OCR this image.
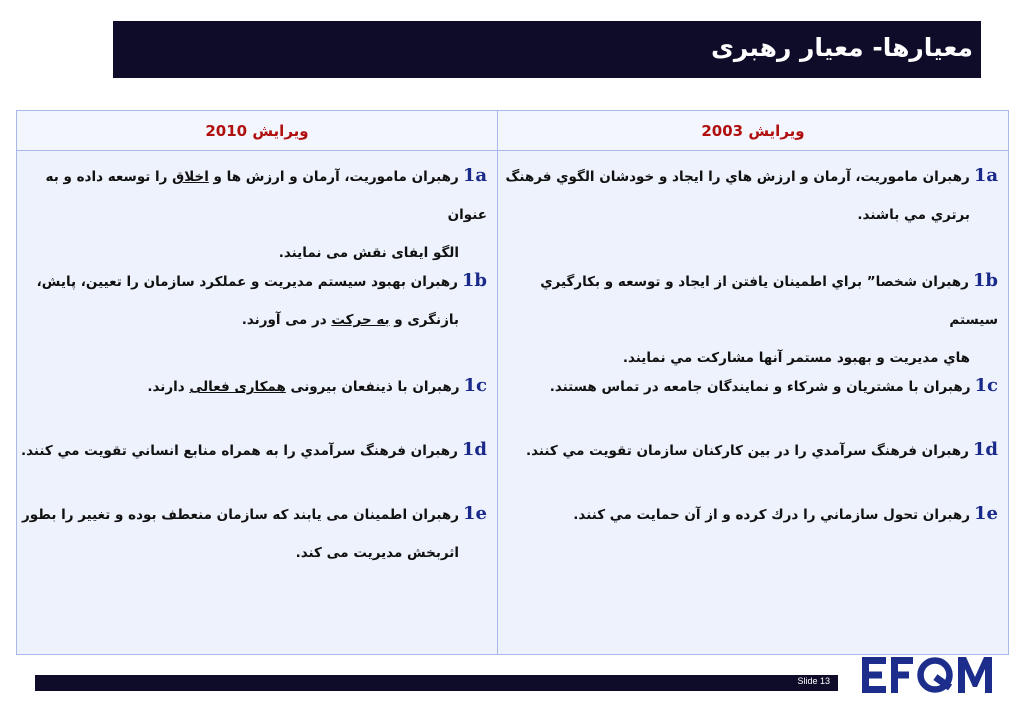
معیارها- معیار رهبری
ویرایش 2010	ویرایش 2003
1aرهبران ماموریت، آرمان و ارزش ها و اخلاق را توسعه داده و به عنوان
الگو ایفای نقش می نمایند.
1bرهبران بهبود سیستم مدیریت و عملکرد سازمان را تعیین، پایش،
بازنگری و به حرکت در می آورند.
1cرهبران با ذینفعان بیرونی همکاری فعالی دارند.
1dرهبران فرهنگ سرآمدي را به همراه منابع انساني تقويت مي كنند.
1eرهبران اطمینان می یابند که سازمان منعطف بوده و تغییر را بطور
اثربخش مدیریت می کند.
1aرهبران ماموريت، آرمان و ارزش هاي را ايجاد و خودشان الگوي فرهنگ
برتري مي باشند.
1bرهبران شخصا” براي اطمينان يافتن از ايجاد و توسعه و بكارگيري سيستم
هاي مديريت و بهبود مستمر آنها مشاركت مي نمايند.
1cرهبران با مشتريان و شركاء و نمايندگان جامعه در تماس هستند.
1dرهبران فرهنگ سرآمدي را در بين كاركنان سازمان تقويت مي كنند.
1eرهبران تحول سازماني را درك كرده و از آن حمايت مي كنند.
Slide 13
